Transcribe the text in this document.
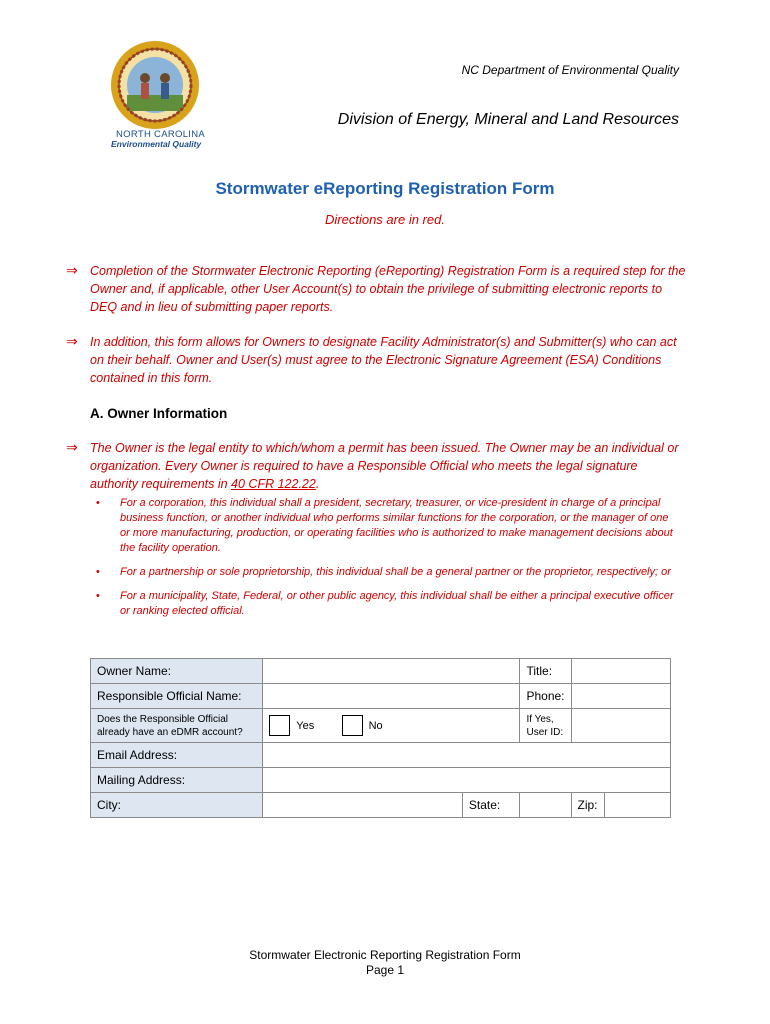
NORTH CAROLINA
Environmental Quality
NC Department of Environmental Quality
Division of Energy, Mineral and Land Resources
Stormwater eReporting Registration Form
Directions are in red.
⇒ Completion of the Stormwater Electronic Reporting (eReporting) Registration Form is a required step for the Owner and, if applicable, other User Account(s) to obtain the privilege of submitting electronic reports to DEQ and in lieu of submitting paper reports.
⇒ In addition, this form allows for Owners to designate Facility Administrator(s) and Submitter(s) who can act on their behalf. Owner and User(s) must agree to the Electronic Signature Agreement (ESA) Conditions contained in this form.
A. Owner Information
⇒ The Owner is the legal entity to which/whom a permit has been issued. The Owner may be an individual or organization. Every Owner is required to have a Responsible Official who meets the legal signature authority requirements in 40 CFR 122.22.
• For a corporation, this individual shall a president, secretary, treasurer, or vice-president in charge of a principal business function, or another individual who performs similar functions for the corporation, or the manager of one or more manufacturing, production, or operating facilities who is authorized to make management decisions about the facility operation.
• For a partnership or sole proprietorship, this individual shall be a general partner or the proprietor, respectively; or
• For a municipality, State, Federal, or other public agency, this individual shall be either a principal executive officer or ranking elected official.
Owner Name:			Title:		
Responsible Official Name:			Phone:		
Does the Responsible Official already have an eDMR account?	Yes No		If Yes, User ID:		
Email Address:					
Mailing Address:					
City:		State:		Zip:	
Stormwater Electronic Reporting Registration Form
Page 1
